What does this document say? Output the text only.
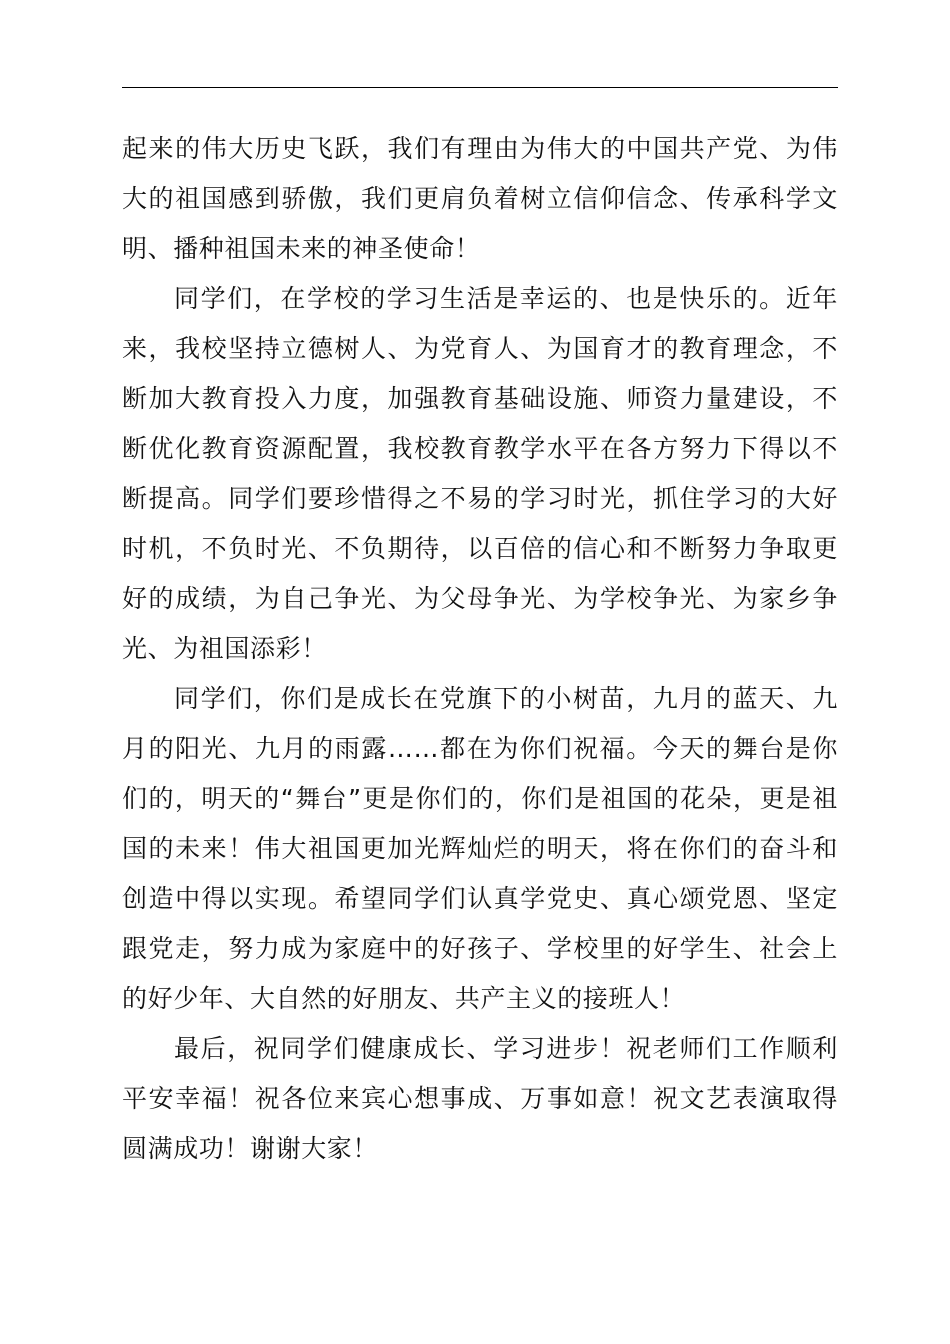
起来的伟大历史飞跃，我们有理由为伟大的中国共产党、为伟大的祖国感到骄傲，我们更肩负着树立信仰信念、传承科学文明、播种祖国未来的神圣使命！

同学们，在学校的学习生活是幸运的、也是快乐的。近年来，我校坚持立德树人、为党育人、为国育才的教育理念，不断加大教育投入力度，加强教育基础设施、师资力量建设，不断优化教育资源配置，我校教育教学水平在各方努力下得以不断提高。同学们要珍惜得之不易的学习时光，抓住学习的大好时机，不负时光、不负期待，以百倍的信心和不断努力争取更好的成绩，为自己争光、为父母争光、为学校争光、为家乡争光、为祖国添彩！

同学们，你们是成长在党旗下的小树苗，九月的蓝天、九月的阳光、九月的雨露……都在为你们祝福。今天的舞台是你们的，明天的“舞台”更是你们的，你们是祖国的花朵，更是祖国的未来！伟大祖国更加光辉灿烂的明天，将在你们的奋斗和创造中得以实现。希望同学们认真学党史、真心颂党恩、坚定跟党走，努力成为家庭中的好孩子、学校里的好学生、社会上的好少年、大自然的好朋友、共产主义的接班人！

最后，祝同学们健康成长、学习进步！祝老师们工作顺利平安幸福！祝各位来宾心想事成、万事如意！祝文艺表演取得圆满成功！谢谢大家！
